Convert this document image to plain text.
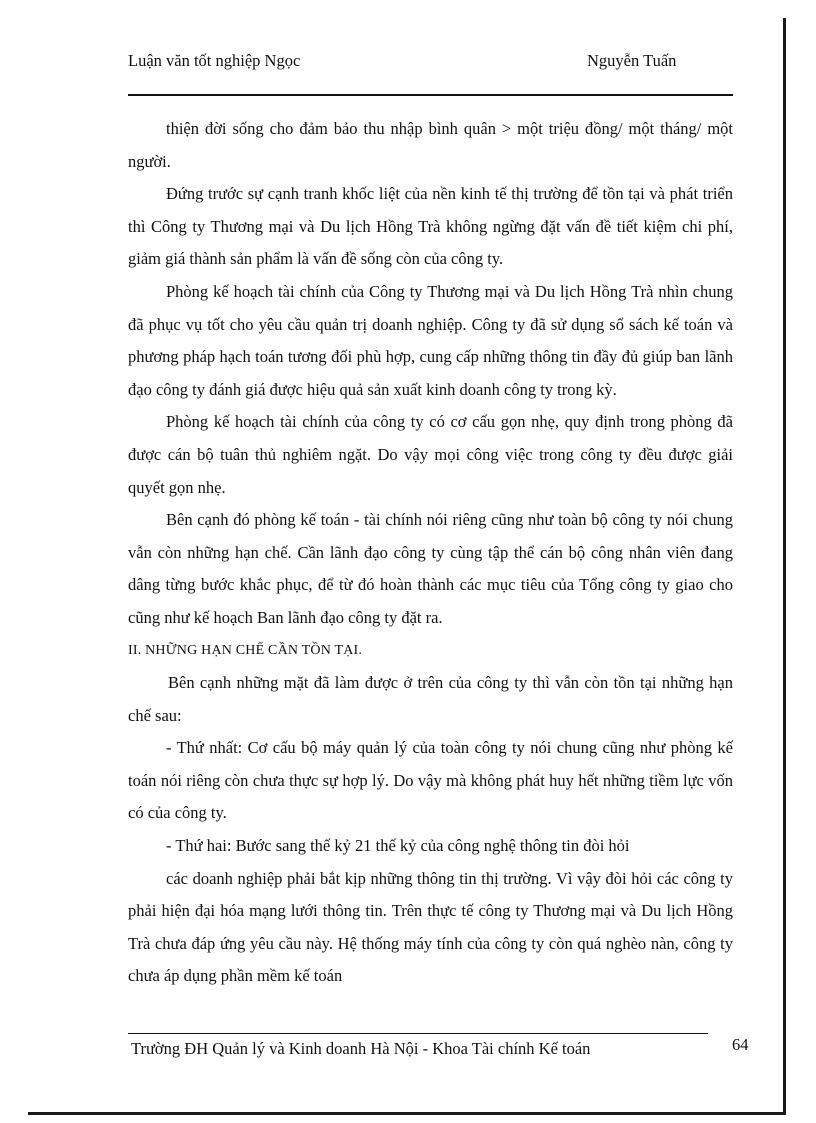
Luận văn tốt nghiệp Ngọc	Nguyễn Tuấn

thiện đời sống cho đảm bảo thu nhập bình quân > một triệu đồng/ một tháng/ một người.

Đứng trước sự cạnh tranh khốc liệt của nền kinh tế thị trường để tồn tại và phát triển thì Công ty Thương mại và Du lịch Hồng Trà không ngừng đặt vấn đề tiết kiệm chi phí, giảm giá thành sản phẩm là vấn đề sống còn của công ty.

Phòng kế hoạch tài chính của Công ty Thương mại và Du lịch Hồng Trà nhìn chung đã phục vụ tốt cho yêu cầu quản trị doanh nghiệp. Công ty đã sử dụng sổ sách kế toán và phương pháp hạch toán tương đối phù hợp, cung cấp những thông tin đầy đủ giúp ban lãnh đạo công ty đánh giá được hiệu quả sản xuất kinh doanh công ty trong kỳ.

Phòng kế hoạch tài chính của công ty có cơ cấu gọn nhẹ, quy định trong phòng đã được cán bộ tuân thủ nghiêm ngặt. Do vậy mọi công việc trong công ty đều được giải quyết gọn nhẹ.

Bên cạnh đó phòng kế toán - tài chính nói riêng cũng như toàn bộ công ty nói chung vẫn còn những hạn chế. Cần lãnh đạo công ty cùng tập thể cán bộ công nhân viên đang dâng từng bước khắc phục, để từ đó hoàn thành các mục tiêu của Tổng công ty giao cho cũng như kế hoạch Ban lãnh đạo công ty đặt ra.

II. NHỮNG HẠN CHẾ CẦN TỒN TẠI.

Bên cạnh những mặt đã làm được ở trên của công ty thì vẫn còn tồn tại những hạn chế sau:

- Thứ nhất: Cơ cấu bộ máy quản lý của toàn công ty nói chung cũng như phòng kế toán nói riêng còn chưa thực sự hợp lý. Do vậy mà không phát huy hết những tiềm lực vốn có của công ty.

- Thứ hai: Bước sang thế kỷ 21 thế kỷ của công nghệ thông tin đòi hỏi

các doanh nghiệp phải bắt kịp những thông tin thị trường. Vì vậy đòi hỏi các công ty phải hiện đại hóa mạng lưới thông tin. Trên thực tế công ty Thương mại và Du lịch Hồng Trà chưa đáp ứng yêu cầu này. Hệ thống máy tính của công ty còn quá nghèo nàn, công ty chưa áp dụng phần mềm kế toán

Trường ĐH Quản lý và Kinh doanh Hà Nội - Khoa Tài chính Kế toán	64
